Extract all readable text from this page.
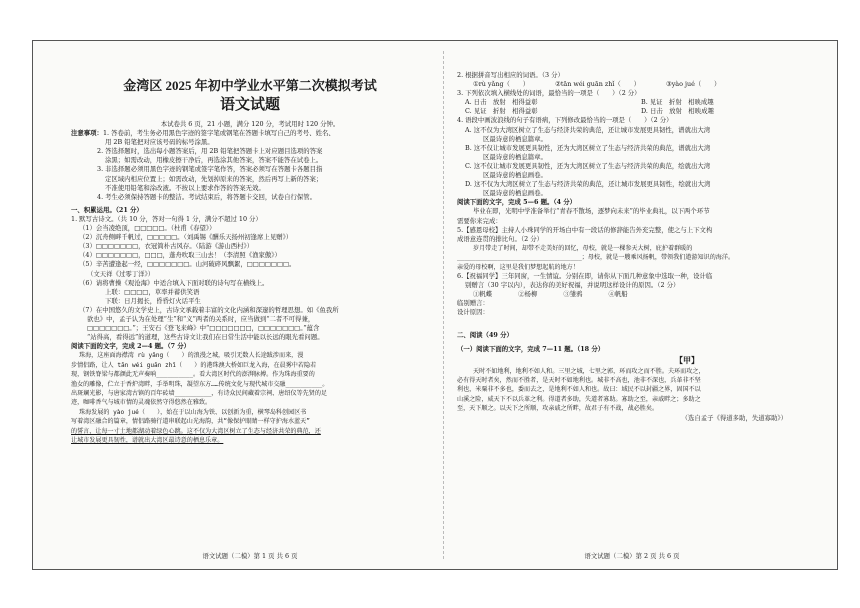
金湾区 2025 年初中学业水平第二次模拟考试
语文试题
本试卷共 6 页，21 小题，满分 120 分，考试用时 120 分钟。
注意事项：1. 答卷前，考生务必用黑色字迹的签字笔或钢笔在答题卡填写自己的考号、姓名、
用 2B 铅笔把对应该号码的标号涂黑。
2. 答选择题时，选出每小题答案后，用 2B 铅笔把答题卡上对应题目选项的答案
涂黑；如需改动，用橡皮擦干净后，再选涂其他答案，答案不能答在试卷上。
3. 非选择题必须用黑色字迹的钢笔或签字笔作答，答案必须写在答题卡各题目指
定区域内相应位置上；如需改动，先划掉原来的答案，然后再写上新的答案；
不准使用铅笔和涂改液。不按以上要求作答的答案无效。
4. 考生必须保持答题卡的整洁。考试结束后，将答题卡交回，试卷自行保管。
一、积累运用。（21 分）
1. 默写古诗文。（共 10 分，答对一句得 1 分，满分不超过 10 分）
（1）会当凌绝顶，□□□□□。（杜甫《春望》）
（2）沉舟侧畔千帆过，□□□□□。（刘禹锡《酬乐天扬州初逢席上见赠》）
（3）□□□□□□□，衣冠简朴古风存。（陆游《游山西村》）
（4）□□□□□□□，□□□，蓬舟吹取三山去！（李清照《渔家傲》）
（5）辛苦遭逢起一经，□□□□□□□。山河破碎风飘絮，□□□□□□□。
（文天祥《过零丁洋》）
（6）请将曹操《观沧海》中适合填入下面对联的诗句写在横线上。
上联：□□□□，草率并蓄供笑语
下联：日月揭长，昏昏灯火话平生
（7）在中国悠久的文学史上，古诗文承载着丰富的文化内涵和深邃的哲理思想。如《鱼我所
欲也》中，孟子认为在处理“生”和“义”两者的关系时，应当做到“二者不可得兼，
□□□□□□□。”；王安石《登飞来峰》中“□□□□□□□，□□□□□□□。”蕴含
“站得高，看得远”的道理，这些古诗文让我们在日常生活中能以长远的眼光看问题。
阅读下面的文字，完成 2—4 题。（7 分）
珠海，这座面海襟湾 rù yǎng（　　）的浪漫之城，吸引无数人长途跋涉而来，漫
步情侣路，让人 tān wéi guān zhǐ（　　）的港珠澳大桥如巨龙入海，在晨雾中若隐若
现，钢铁脊梁与都颜此无声奏响__________。看大湾区时代的澎湃脉搏。作为珠海重要的
渔女的雕像，伫立于香炉湾畔，手举明珠，凝望东方……传统文化与现代城市交融__________。
出斑斓光影，与唐家湾古镇的百年砖墙__________，有诗众民间藏着宗祠、唐绍仪等先贤的足
迹，咖啡香气与城市情的灵魂依然守得悠然在雅致。
珠海发展的 yào jué（　　），始在于以山海为铁、以创新为重，横琴岛科创园区书
写着湾区融合的篇章，情侣路骑行道串联起山光海韵，共“像保护眼睛一样守护海水蓝天”
的誓言，让每一寸土地都湖动着绿色心跳。这不仅为大湾区树立了生态与经济共荣的典范，还
让城市发展更具韧性，谱就出大湾区最诗意的栖息乐章。
语文试题（二模）第 1 页 共 6 页
2. 根据拼音写出相应的词语。（3 分）
①rù yǎng（　　）	②tān wéi guān zhǐ（　　）	③yào jué（　　）
3. 下列依次填入横线处的词语，最恰当的一项是（　　）（2 分）
A. 日击　放射　相得益彰	B. 见证　折射　相映成趣
C. 见证　折射　相得益彰	D. 日击　放射　相映成趣
4. 语段中画波浪线的句子有语病，下列修改最恰当的一项是（　　）（2 分）
A. 这不仅为大湾区树立了生态与经济共荣的典范，还让城市发展更具韧性，谱就出大湾
区最诗意的栖息篇章。
B. 这不仅让城市发展更具韧性，还为大湾区树立了生态与经济共荣的典范，谱就出大湾
区最诗意的栖息篇章。
C. 这不仅让城市发展更具韧性，还为大湾区树立了生态与经济共荣的典范，绘就出大湾
区最诗意的栖息画卷。
D. 这不仅为大湾区树立了生态与经济共荣的典范，还让城市发展更具韧性，绘就出大湾
区最诗意的栖息画卷。
阅读下面的文字，完成 5—6 题。（4 分）
毕业在即，光明中学准备举行“青春不散场，逐梦向未来”的毕业典礼，以下两个环节
需要你来完成：
5.【感恩母校】主持人小珠同学的开场白中有一段话的修辞能告外充完整，使之与上下文构
成语意连贯的排比句。（2 分）
岁月带走了时间，却带不走美好的回忆，母校，就是一棵参天大树，庇护着群暖的
__________________________________；母校，就是一艘乘风扬帆，带领我们遨游知识的海洋。
亲爱的母校啊，这里是我们梦想起航的地方！
6.【祝福同学】三年同窗，一生情谊。分别在即，请你从下面几种意象中选取一种，设计临
别赠言（30 字以内），表达你的美好祝福，并说明这样设计的原因。（2 分）
①帆蝶	②杨柳	③雏鸦	④帆船
临别赠言：
设计原因：
二、阅读（49 分）
（一）阅读下面的文字，完成 7—11 题。（18 分）
【甲】
天时不如地利，地利不如人和。三里之城，七里之郭，环而攻之而不胜。夫环而攻之，
必有得天时者矣，然而不胜者，是天时不如地利也。城非不高也，池非不深也，兵革非不坚
利也，米粟非不多也，委而去之，是地利不如人和也。故曰：域民不以封疆之界，固国不以
山溪之险，威天下不以兵革之利。得道者多助，失道者寡助。寡助之至，亲戚畔之；多助之
至，天下顺之。以天下之所顺，攻亲戚之所畔，故君子有不战，战必胜矣。
（选自孟子《得道多助，失道寡助》）
语文试题（二模）第 2 页 共 6 页
